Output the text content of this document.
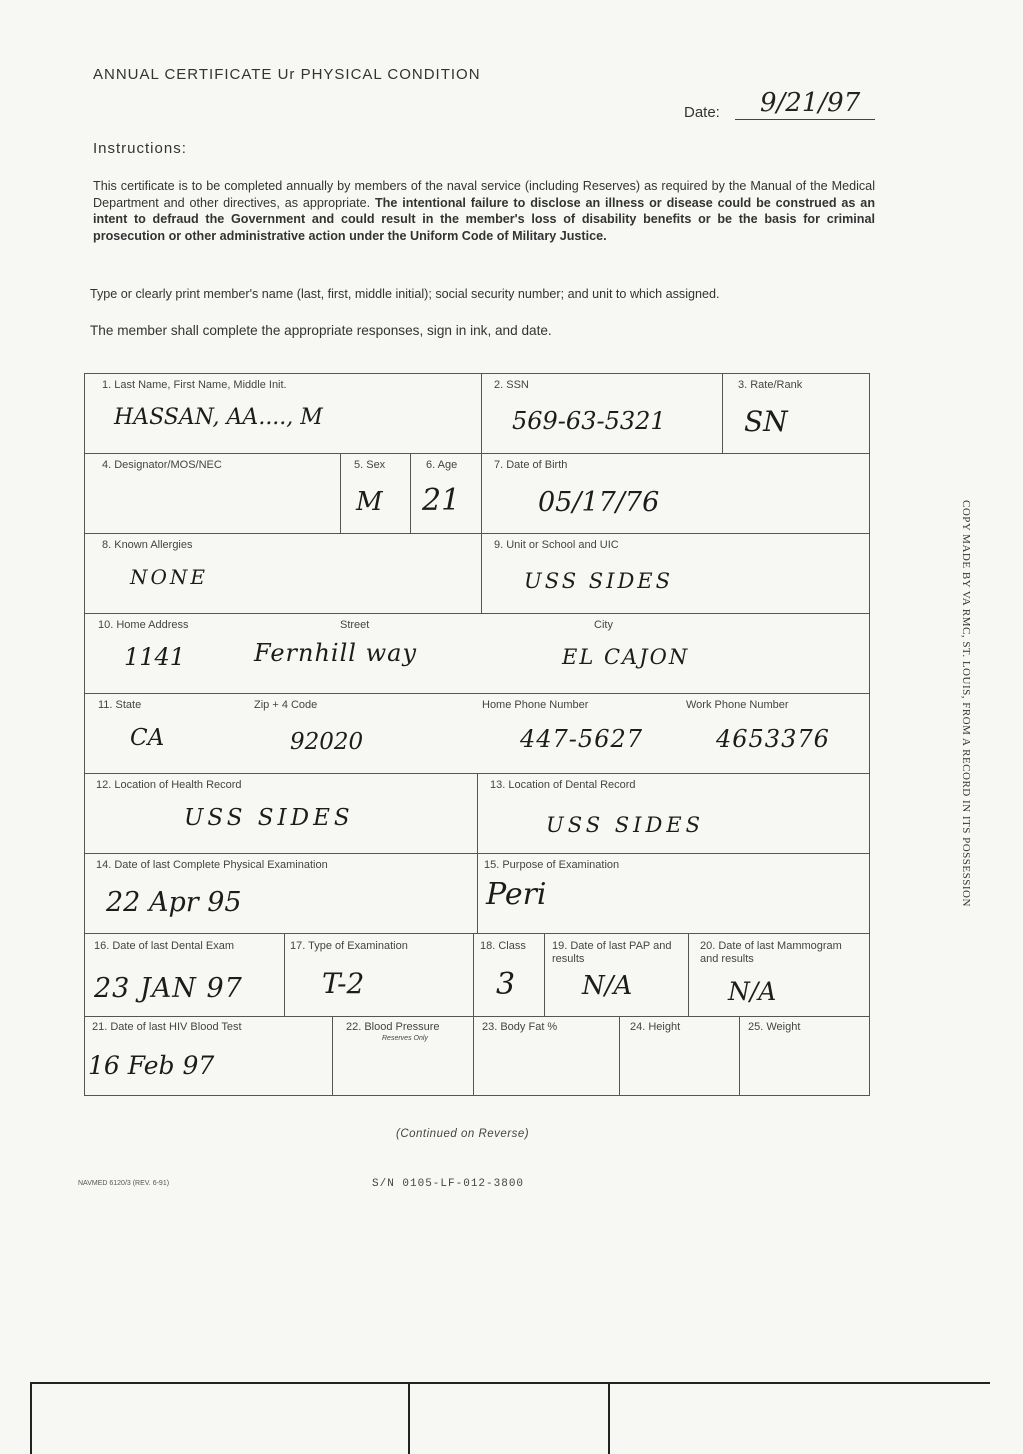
ANNUAL CERTIFICATE Ur PHYSICAL CONDITION
Date: 9/21/97
Instructions:
This certificate is to be completed annually by members of the naval service (including Reserves) as required by the Manual of the Medical Department and other directives, as appropriate. The intentional failure to disclose an illness or disease could be construed as an intent to defraud the Government and could result in the member's loss of disability benefits or be the basis for criminal prosecution or other administrative action under the Uniform Code of Military Justice.
Type or clearly print member's name (last, first, middle initial); social security number; and unit to which assigned.
The member shall complete the appropriate responses, sign in ink, and date.
1. Last Name, First Name, Middle Init.
HASSAN, AA...., M
2. SSN
569-63-5321
3. Rate/Rank
SN
4. Designator/MOS/NEC	5. Sex
M
6. Age
21
7. Date of Birth
05/17/76
8. Known Allergies
NONE
9. Unit or School and UIC
USS SIDES
10. Home Address	Street	City
1141	Fernhill way	EL CAJON
11. State	Zip + 4 Code	Home Phone Number	Work Phone Number
CA	92020	447-5627	4653376
12. Location of Health Record
USS SIDES
13. Location of Dental Record
USS SIDES
14. Date of last Complete Physical Examination
22 Apr 95
15. Purpose of Examination
Peri
16. Date of last Dental Exam
23 JAN 97
17. Type of Examination
T-2
18. Class
3
19. Date of last PAP and results
N/A
20. Date of last Mammogram and results
N/A
21. Date of last HIV Blood Test
16 Feb 97
22. Blood Pressure
Reserves Only
23. Body Fat %	24. Height	25. Weight
(Continued on Reverse)
NAVMED 6120/3 (REV. 6-91)	S/N 0105-LF-012-3800
COPY MADE BY VA RMC, ST. LOUIS, FROM A RECORD IN ITS POSSESSION
